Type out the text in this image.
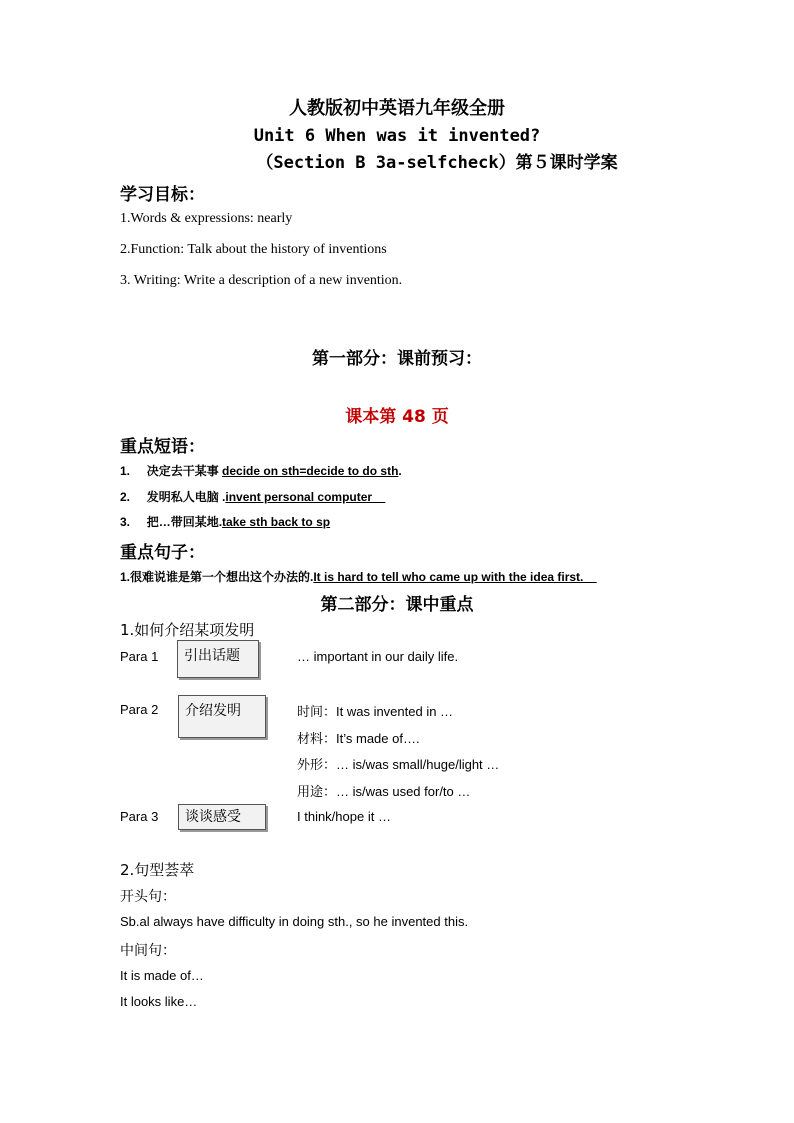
人教版初中英语九年级全册
Unit 6 When was it invented?
（Section B 3a-selfcheck）第５课时学案
学习目标：
1.Words & expressions: nearly
2.Function: Talk about the history of inventions
3. Writing: Write a description of a new invention.
第一部分：课前预习：
课本第 48 页
重点短语：
1. 决定去干某事 decide on sth=decide to do sth.
2. 发明私人电脑 .invent personal computer
3. 把…带回某地.take sth back to sp
重点句子：
1.很难说谁是第一个想出这个办法的.It is hard to tell who came up with the idea first.
第二部分：课中重点
1.如何介绍某项发明
Para 1	引出话题	… important in our daily life.
Para 2	介绍发明	时间：It was invented in …
材料：It’s made of….
外形：… is/was small/huge/light …
用途：… is/was used for/to …
Para 3	谈谈感受	I think/hope it …
2.句型荟萃
开头句：
Sb.al always have difficulty in doing sth., so he invented this.
中间句：
It is made of…
It looks like…
